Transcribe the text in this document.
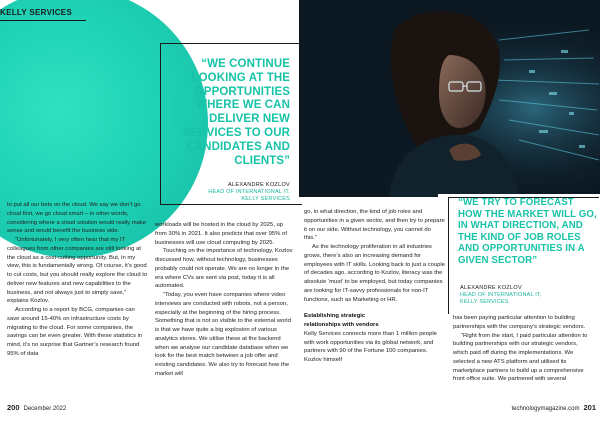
KELLY SERVICES
“WE CONTINUE LOOKING AT THE OPPORTUNITIES WHERE WE CAN DELIVER NEW SERVICES TO OUR CANDIDATES AND CLIENTS”
ALEXANDRE KOZLOV
HEAD OF INTERNATIONAL IT,
KELLY SERVICES	“WE TRY TO FORECAST HOW THE MARKET WILL GO, IN WHAT DIRECTION, AND THE KIND OF JOB ROLES AND OPPORTUNITIES IN A GIVEN SECTOR”
ALEXANDRE KOZLOV
HEAD OF INTERNATIONAL IT,
KELLY SERVICES

to put all our bets on the cloud. We say we don’t go cloud first, we go cloud smart – in other words, considering where a cloud solution would really make sense and would benefit the business side.

“Unfortunately, I very often hear that my IT colleagues from other companies are still looking at the cloud as a cost-cutting opportunity. But, in my view, this is fundamentally wrong. Of course, it’s good to cut costs, but you should really explore the cloud to deliver new features and new capabilities to the business, and not always just to simply save,” explains Kozlov.

According to a report by BCG, companies can save around 15-40% on infrastructure costs by migrating to the cloud. For some companies, the savings can be even greater. With these statistics in mind, it’s no surprise that Gartner’s research found 95% of data

workloads will be hosted in the cloud by 2025, up from 30% in 2021. It also predicts that over 95% of businesses will use cloud computing by 2025.

Touching on the importance of technology, Kozlov discussed how, without technology, businesses probably could not operate. We are no longer in the era where CVs are sent via post, today it is all automated.

“Today, you even have companies where video interviews are conducted with robots, not a person, especially at the beginning of the hiring process. Something that is not so visible to the external world is that we have quite a big explosion of various analytics stores. We utilise these at the backend when we analyse our candidate database when we look for the best match between a job offer and existing candidates. We also try to forecast how the market will

go, in what direction, the kind of job roles and opportunities in a given sector, and then try to prepare it on our side. Without technology, you cannot do this.”

As the technology proliferation in all industries grows, there’s also an increasing demand for employees with IT skills. Looking back to just a couple of decades ago, according to Kozlov, literacy was the absolute ‘must’ to be employed, but today companies are looking for IT-savvy professionals for non-IT functions, such as Marketing or HR.

Establishing strategic
relationships with vendors

Kelly Services connects more than 1 million people with work opportunities via its global network, and partners with 90 of the Fortune 100 companies. Kozlov himself

has been paying particular attention to building partnerships with the company’s strategic vendors.

“Right from the start, I paid particular attention to building partnerships with our strategic vendors, which paid off during the implementations. We selected a new ATS platform and utilised its marketplace partners to build up a comprehensive front office suite. We partnered with several

200 December 2022	technologymagazine.com 201
